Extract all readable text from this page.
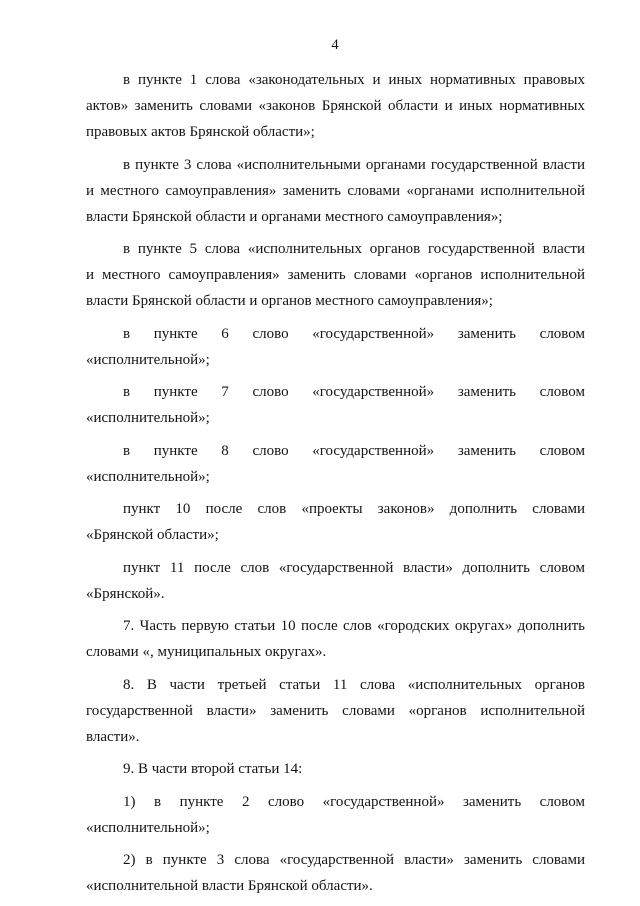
4

в пункте 1 слова «законодательных и иных нормативных правовых
актов» заменить словами «законов Брянской области и иных нормативных
правовых актов Брянской области»;

в пункте 3 слова «исполнительными органами государственной власти
и местного самоуправления» заменить словами «органами исполнительной
власти Брянской области и органами местного самоуправления»;

в пункте 5 слова «исполнительных органов государственной власти
и местного самоуправления» заменить словами «органов исполнительной
власти Брянской области и органов местного самоуправления»;

в пункте 6 слово «государственной» заменить словом
«исполнительной»;

в пункте 7 слово «государственной» заменить словом
«исполнительной»;

в пункте 8 слово «государственной» заменить словом
«исполнительной»;

пункт 10 после слов «проекты законов» дополнить словами
«Брянской области»;

пункт 11 после слов «государственной власти» дополнить словом
«Брянской».

7. Часть первую статьи 10 после слов «городских округах» дополнить
словами «, муниципальных округах».

8. В части третьей статьи 11 слова «исполнительных органов
государственной власти» заменить словами «органов исполнительной
власти».

9. В части второй статьи 14:

1) в пункте 2 слово «государственной» заменить словом
«исполнительной»;

2) в пункте 3 слова «государственной власти» заменить словами
«исполнительной власти Брянской области».
